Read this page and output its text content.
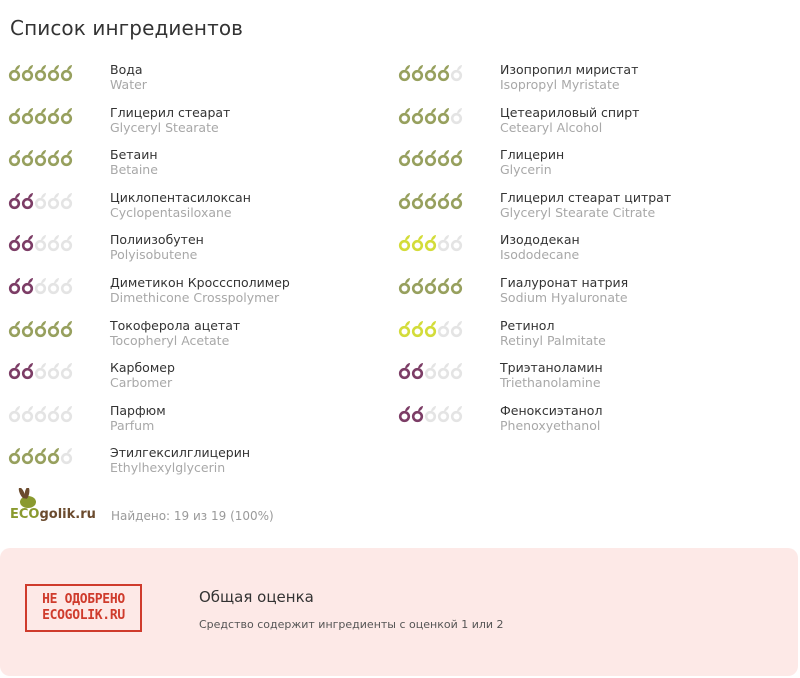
Список ингредиентов
Вода
Water
Глицерил стеарат
Glyceryl Stearate
Бетаин
Betaine
Циклопентасилоксан
Cyclopentasiloxane
Полиизобутен
Polyisobutene
Диметикон Кросссполимер
Dimethicone Crosspolymer
Токоферола ацетат
Tocopheryl Acetate
Карбомер
Carbomer
Парфюм
Parfum
Этилгексилглицерин
Ethylhexylglycerin
Изопропил миристат
Isopropyl Myristate
Цетеариловый спирт
Cetearyl Alcohol
Глицерин
Glycerin
Глицерил стеарат цитрат
Glyceryl Stearate Citrate
Изододекан
Isododecane
Гиалуронат натрия
Sodium Hyaluronate
Ретинол
Retinyl Palmitate
Триэтаноламин
Triethanolamine
Феноксиэтанол
Phenoxyethanol
ECOgolik.ru Найдено: 19 из 19 (100%)
НЕ ОДОБРЕНО
ECOGOLIK.RU
Общая оценка
Средство содержит ингредиенты с оценкой 1 или 2
